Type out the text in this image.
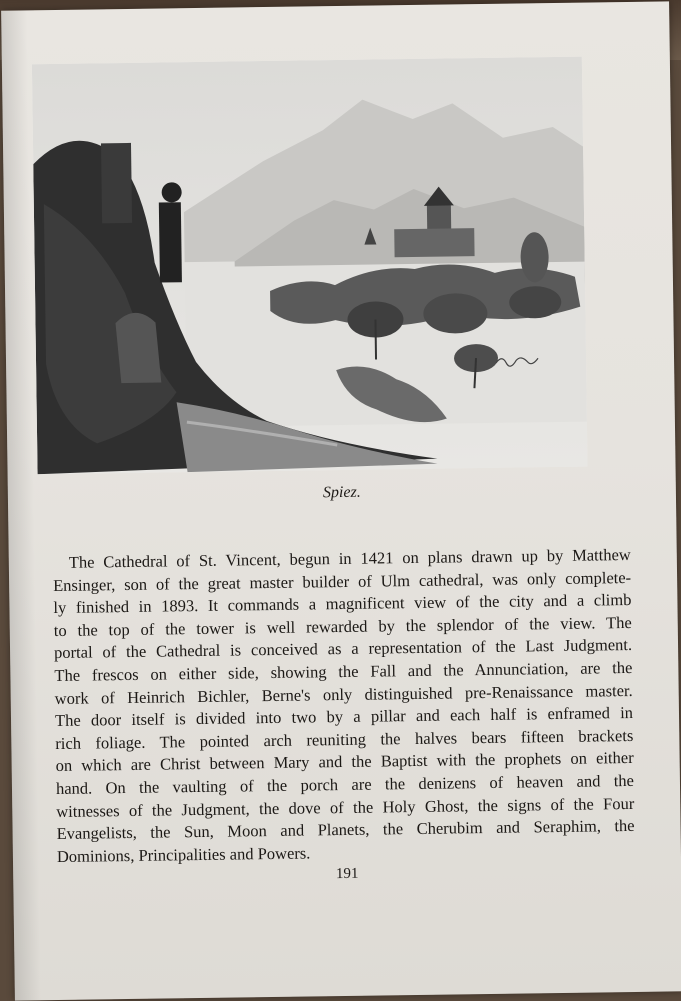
Spiez.
The Cathedral of St. Vincent, begun in 1421 on plans drawn up by Matthew
Ensinger, son of the great master builder of Ulm cathedral, was only complete-
ly finished in 1893. It commands a magnificent view of the city and a climb
to the top of the tower is well rewarded by the splendor of the view. The
portal of the Cathedral is conceived as a representation of the Last Judgment.
The frescos on either side, showing the Fall and the Annunciation, are the
work of Heinrich Bichler, Berne's only distinguished pre-Renaissance master.
The door itself is divided into two by a pillar and each half is enframed in
rich foliage. The pointed arch reuniting the halves bears fifteen brackets
on which are Christ between Mary and the Baptist with the prophets on either
hand. On the vaulting of the porch are the denizens of heaven and the
witnesses of the Judgment, the dove of the Holy Ghost, the signs of the Four
Evangelists, the Sun, Moon and Planets, the Cherubim and Seraphim, the
Dominions, Principalities and Powers.
191
